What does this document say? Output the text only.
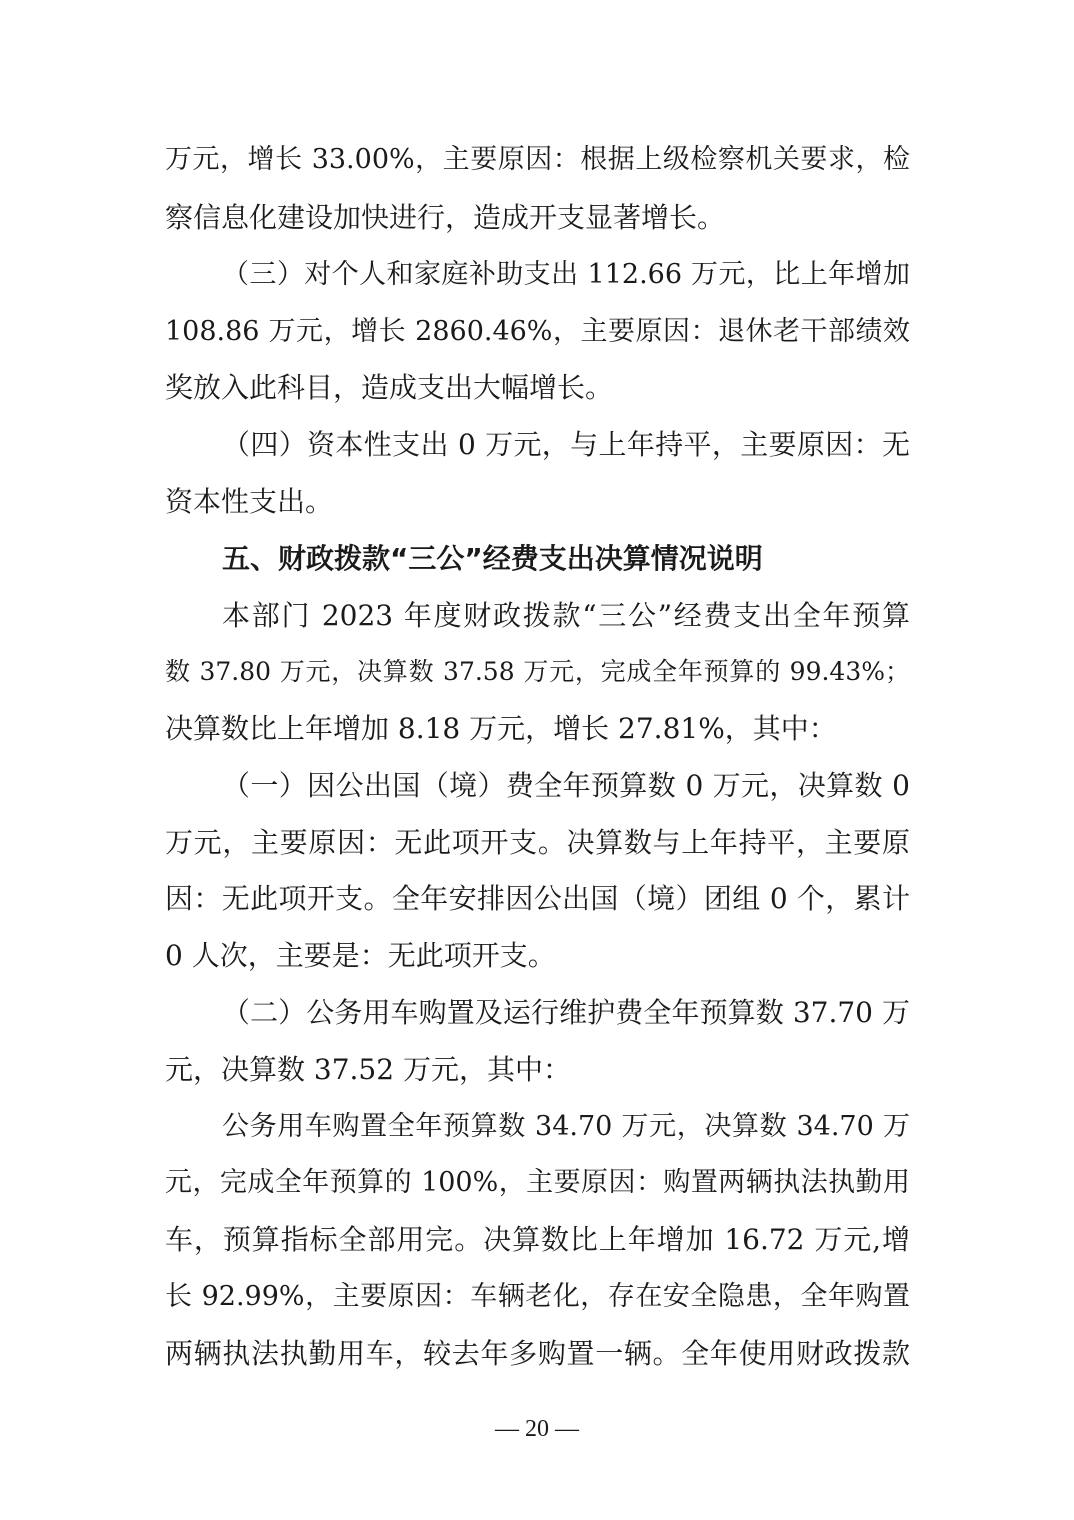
万元，增长 33.00%，主要原因：根据上级检察机关要求，检
察信息化建设加快进行，造成开支显著增长。
（三）对个人和家庭补助支出 112.66 万元，比上年增加
108.86 万元，增长 2860.46%，主要原因：退休老干部绩效
奖放入此科目，造成支出大幅增长。
（四）资本性支出 0 万元，与上年持平，主要原因：无
资本性支出。
五、财政拨款“三公”经费支出决算情况说明
本部门 2023 年度财政拨款“三公”经费支出全年预算
数 37.80 万元，决算数 37.58 万元，完成全年预算的 99.43%；
决算数比上年增加 8.18 万元，增长 27.81%，其中：
（一）因公出国（境）费全年预算数 0 万元，决算数 0
万元，主要原因：无此项开支。决算数与上年持平，主要原
因：无此项开支。全年安排因公出国（境）团组 0 个，累计
0 人次，主要是：无此项开支。
（二）公务用车购置及运行维护费全年预算数 37.70 万
元，决算数 37.52 万元，其中：
公务用车购置全年预算数 34.70 万元，决算数 34.70 万
元，完成全年预算的 100%，主要原因：购置两辆执法执勤用
车，预算指标全部用完。决算数比上年增加 16.72 万元,增
长 92.99%，主要原因：车辆老化，存在安全隐患，全年购置
两辆执法执勤用车，较去年多购置一辆。全年使用财政拨款
— 20 —
